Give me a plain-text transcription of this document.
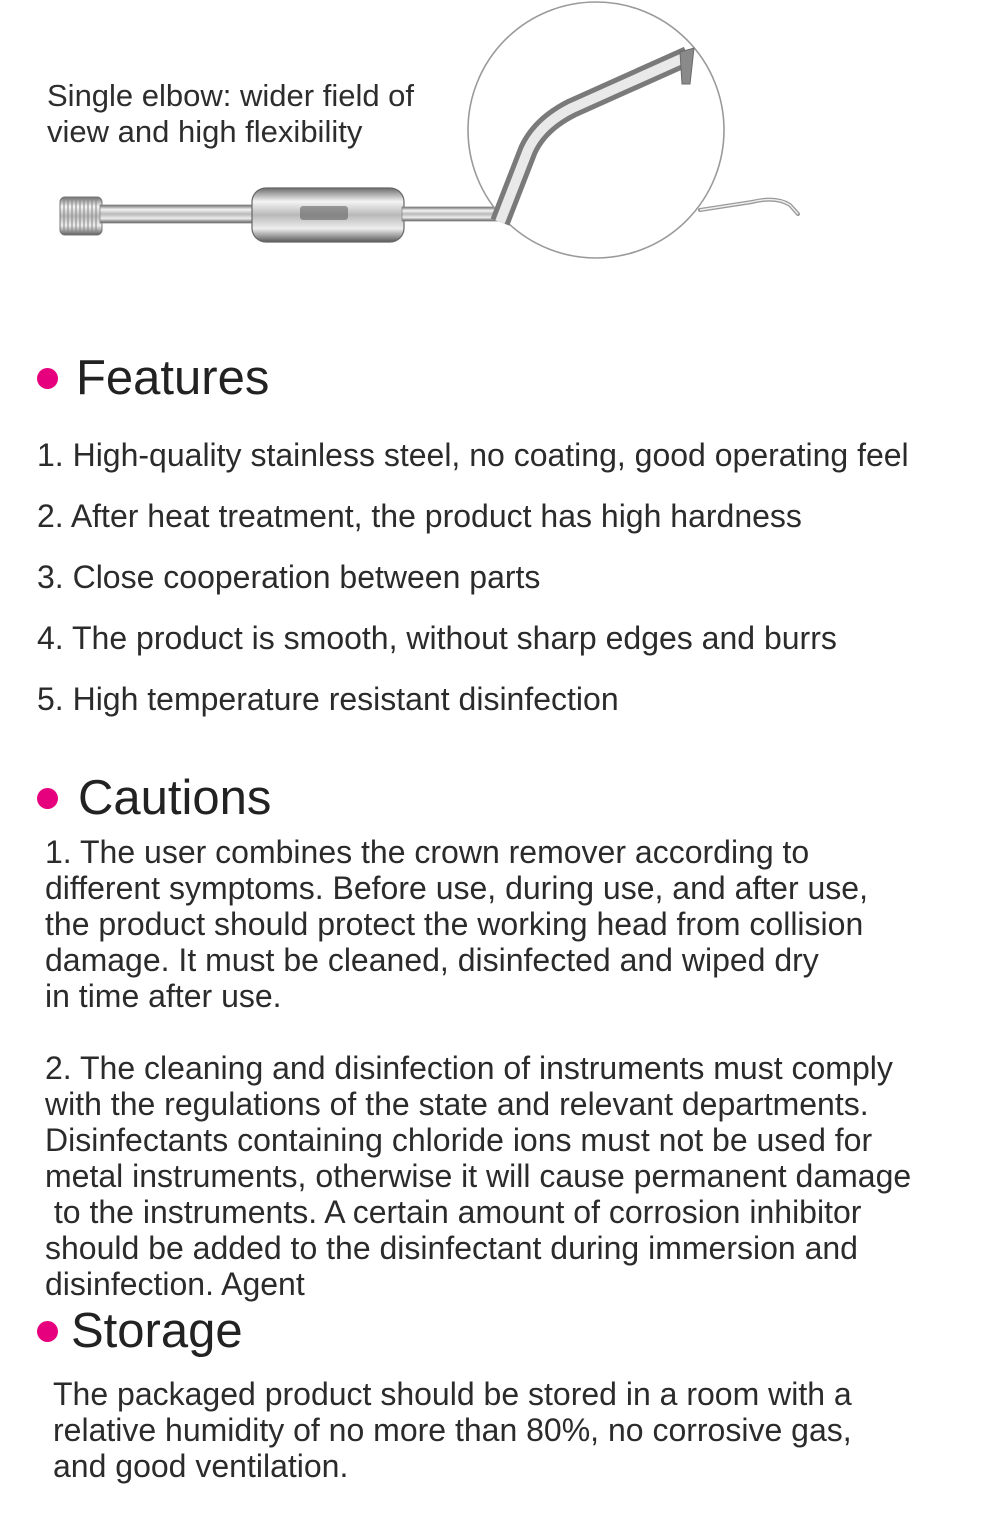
Single elbow: wider field of
view and high flexibility
Features
1. High-quality stainless steel, no coating, good operating feel
2. After heat treatment, the product has high hardness
3. Close cooperation between parts
4. The product is smooth, without sharp edges and burrs
5. High temperature resistant disinfection
Cautions
1. The user combines the crown remover according to
different symptoms. Before use, during use, and after use,
the product should protect the working head from collision
damage. It must be cleaned, disinfected and wiped dry
in time after use.
2. The cleaning and disinfection of instruments must comply
with the regulations of the state and relevant departments.
Disinfectants containing chloride ions must not be used for
metal instruments, otherwise it will cause permanent damage
to the instruments. A certain amount of corrosion inhibitor
should be added to the disinfectant during immersion and
disinfection. Agent
Storage
The packaged product should be stored in a room with a
relative humidity of no more than 80%, no corrosive gas,
and good ventilation.
